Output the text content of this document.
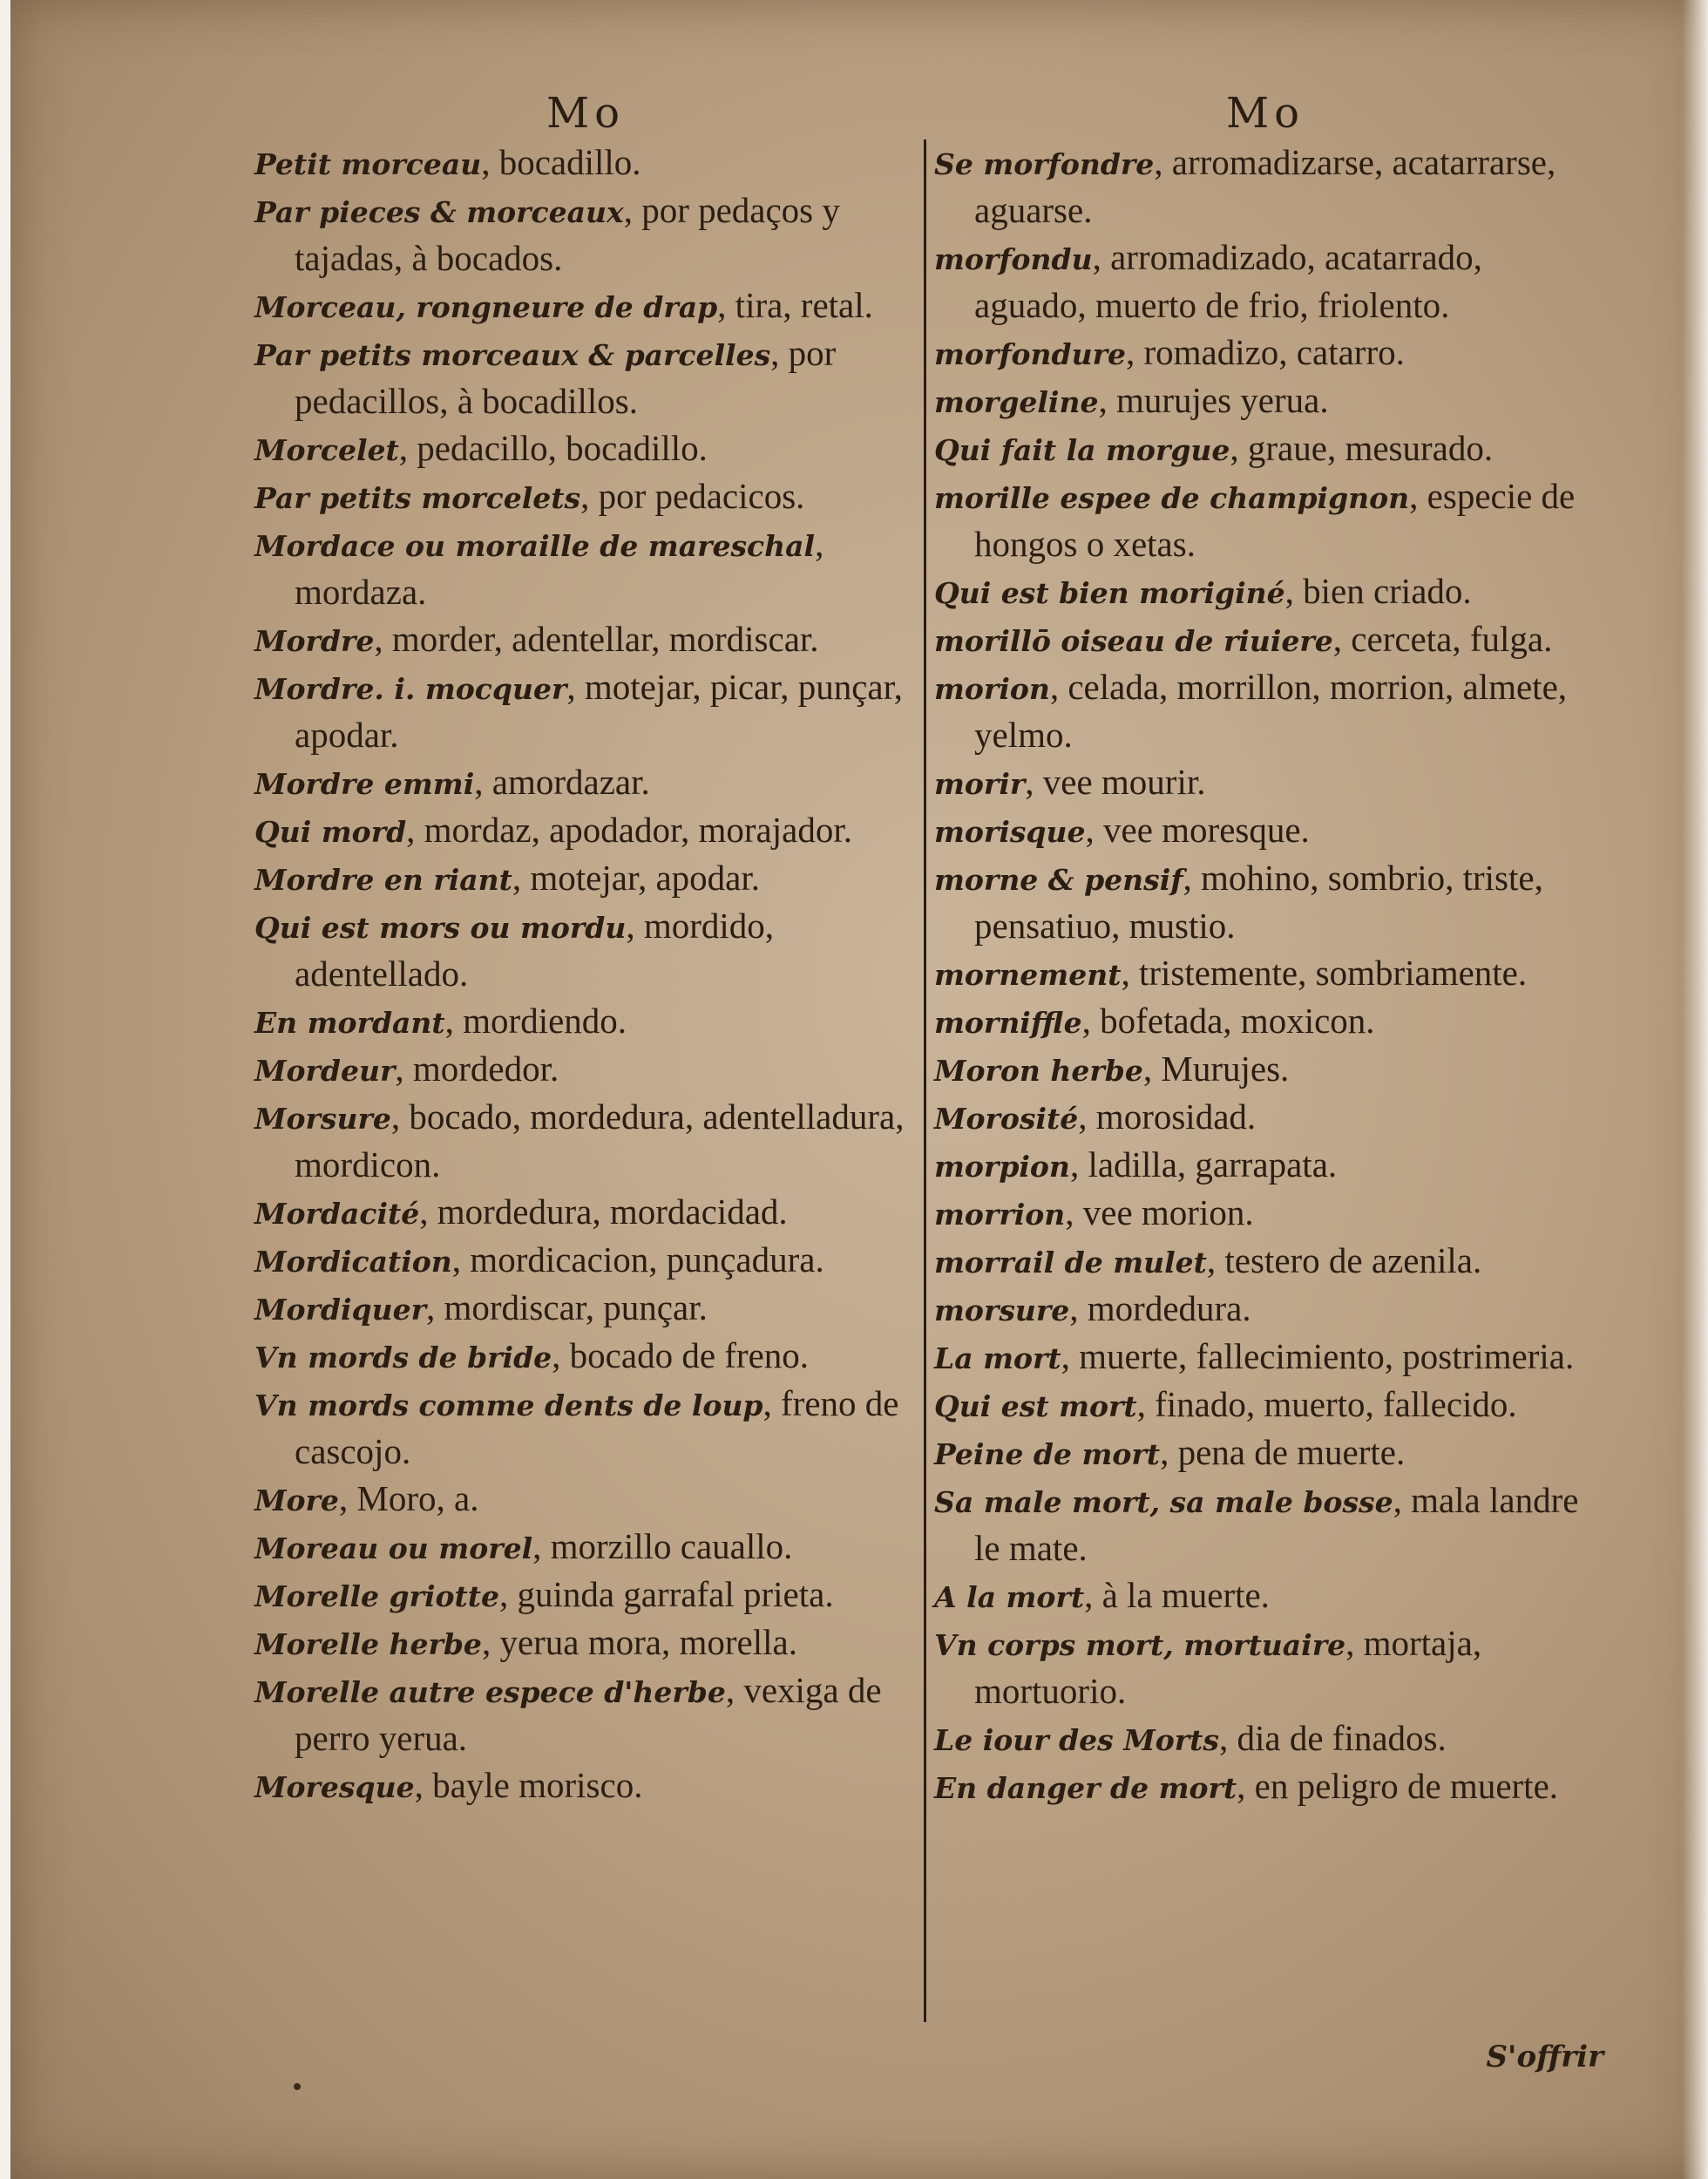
Mo
Petit morceau, bocadillo.
Par pieces & morceaux, por pedaços y tajadas, à bocados.
Morceau, rongneure de drap, tira, retal.
Par petits morceaux & parcelles, por pedacillos, à bocadillos.
Morcelet, pedacillo, bocadillo.
Par petits morcelets, por pedacicos.
Mordace ou moraille de mareschal, mordaza.
Mordre, morder, adentellar, mordiscar.
Mordre. i. mocquer, motejar, picar, punçar, apodar.
Mordre emmi, amordazar.
Qui mord, mordaz, apodador, morajador.
Mordre en riant, motejar, apodar.
Qui est mors ou mordu, mordido, adentellado.
En mordant, mordiendo.
Mordeur, mordedor.
Morsure, bocado, mordedura, adentelladura, mordicon.
Mordacité, mordedura, mordacidad.
Mordication, mordicacion, punçadura.
Mordiquer, mordiscar, punçar.
Vn mords de bride, bocado de freno.
Vn mords comme dents de loup, freno de cascojo.
More, Moro, a.
Moreau ou morel, morzillo cauallo.
Morelle griotte, guinda garrafal prieta.
Morelle herbe, yerua mora, morella.
Morelle autre espece d'herbe, vexiga de perro yerua.
Moresque, bayle morisco.
Mo
Se morfondre, arromadizarse, acatarrarse, aguarse.
morfondu, arromadizado, acatarrado, aguado, muerto de frio, friolento.
morfondure, romadizo, catarro.
morgeline, murujes yerua.
Qui fait la morgue, graue, mesurado.
morille espee de champignon, especie de hongos o xetas.
Qui est bien moriginé, bien criado.
morillō oiseau de riuiere, cerceta, fulga.
morion, celada, morrillon, morrion, almete, yelmo.
morir, vee mourir.
morisque, vee moresque.
morne & pensif, mohino, sombrio, triste, pensatiuo, mustio.
mornement, tristemente, sombriamente.
morniffle, bofetada, moxicon.
Moron herbe, Murujes.
Morosité, morosidad.
morpion, ladilla, garrapata.
morrion, vee morion.
morrail de mulet, testero de azenila.
morsure, mordedura.
La mort, muerte, fallecimiento, postrimeria.
Qui est mort, finado, muerto, fallecido.
Peine de mort, pena de muerte.
Sa male mort, sa male bosse, mala landre le mate.
A la mort, à la muerte.
Vn corps mort, mortuaire, mortaja, mortuorio.
Le iour des Morts, dia de finados.
En danger de mort, en peligro de muerte.
S'offrir
